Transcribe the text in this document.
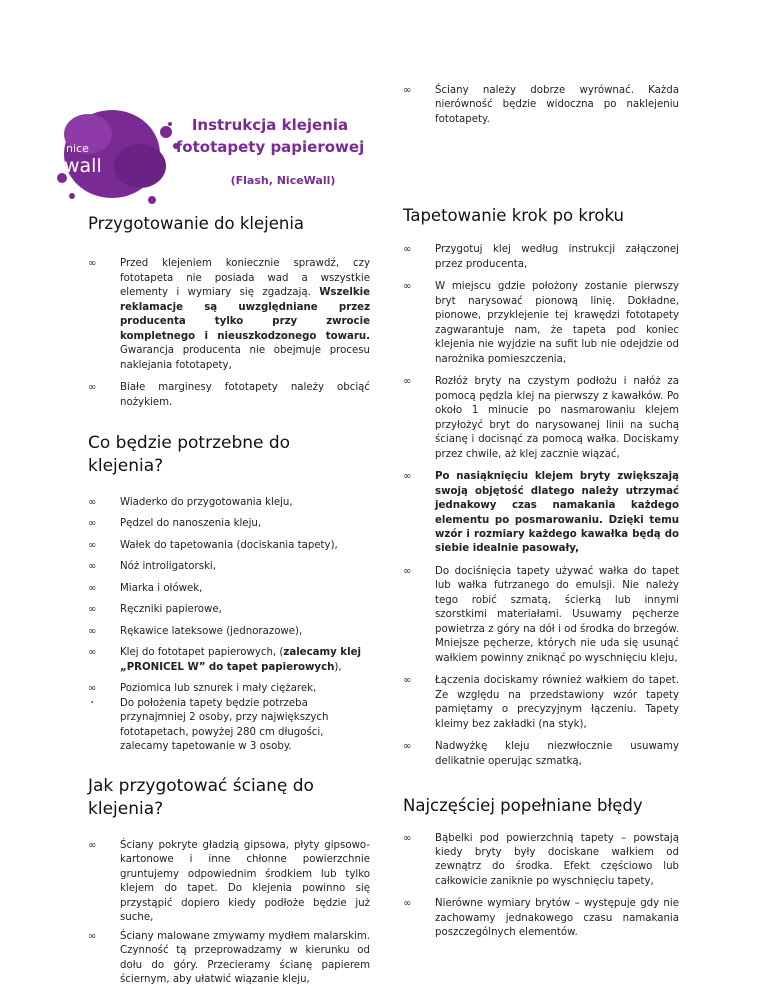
nice
wall
Instrukcja klejenia
fototapety papierowej
(Flash, NiceWall)
∞ Ściany należy dobrze wyrównać. Każda nierówność będzie widoczna po naklejeniu fototapety.
Przygotowanie do klejenia
∞ Przed klejeniem koniecznie sprawdź, czy fototapeta nie posiada wad a wszystkie elementy i wymiary się zgadzają. Wszelkie reklamacje są uwzględniane przez producenta tylko przy zwrocie kompletnego i nieuszkodzonego towaru. Gwarancja producenta nie obejmuje procesu naklejania fototapety,
∞ Białe marginesy fototapety należy obciąć nożykiem.
Co będzie potrzebne do klejenia?
∞ Wiaderko do przygotowania kleju,
∞ Pędzel do nanoszenia kleju,
∞ Wałek do tapetowania (dociskania tapety),
∞ Nóż introligatorski,
∞ Miarka i ołówek,
∞ Ręczniki papierowe,
∞ Rękawice lateksowe (jednorazowe),
∞ Klej do fototapet papierowych, (zalecamy klej „PRONICEL W” do tapet papierowych),
∞ Poziomica lub sznurek i mały ciężarek,
· Do położenia tapety będzie potrzeba przynajmniej 2 osoby, przy największych fototapetach, powyżej 280 cm długości, zalecamy tapetowanie w 3 osoby.
Jak przygotować ścianę do klejenia?
∞ Ściany pokryte gładzią gipsowa, płyty gipsowo-kartonowe i inne chłonne powierzchnie gruntujemy odpowiednim środkiem lub tylko klejem do tapet. Do klejenia powinno się przystąpić dopiero kiedy podłoże będzie już suche,
∞ Ściany malowane zmywamy mydłem malarskim. Czynność tą przeprowadzamy w kierunku od dołu do góry. Przecieramy ścianę papierem ściernym, aby ułatwić wiązanie kleju,
Tapetowanie krok po kroku
∞ Przygotuj klej według instrukcji załączonej przez producenta,
∞ W miejscu gdzie położony zostanie pierwszy bryt narysować pionową linię. Dokładne, pionowe, przyklejenie tej krawędzi fototapety zagwarantuje nam, że tapeta pod koniec klejenia nie wyjdzie na sufit lub nie odejdzie od narożnika pomieszczenia,
∞ Rozłóż bryty na czystym podłożu i nałóż za pomocą pędzla klej na pierwszy z kawałków. Po około 1 minucie po nasmarowaniu klejem przyłożyć bryt do narysowanej linii na suchą ścianę i docisnąć za pomocą wałka. Dociskamy przez chwile, aż klej zacznie wiązać,
∞ Po nasiąknięciu klejem bryty zwiększają swoją objętość dlatego należy utrzymać jednakowy czas namakania każdego elementu po posmarowaniu. Dzięki temu wzór i rozmiary każdego kawałka będą do siebie idealnie pasowały,
∞ Do dociśnięcia tapety używać wałka do tapet lub wałka futrzanego do emulsji. Nie należy tego robić szmatą, ścierką lub innymi szorstkimi materiałami. Usuwamy pęcherze powietrza z góry na dół i od środka do brzegów. Mniejsze pęcherze, których nie uda się usunąć wałkiem powinny zniknąć po wyschnięciu kleju,
∞ Łączenia dociskamy również wałkiem do tapet. Ze względu na przedstawiony wzór tapety pamiętamy o precyzyjnym łączeniu. Tapety kleimy bez zakładki (na styk),
∞ Nadwyżkę kleju niezwłocznie usuwamy delikatnie operując szmatką,
Najczęściej popełniane błędy
∞ Bąbelki pod powierzchnią tapety – powstają kiedy bryty były dociskane wałkiem od zewnątrz do środka. Efekt częściowo lub całkowicie zaniknie po wyschnięciu tapety,
∞ Nierówne wymiary brytów – występuje gdy nie zachowamy jednakowego czasu namakania poszczególnych elementów.
